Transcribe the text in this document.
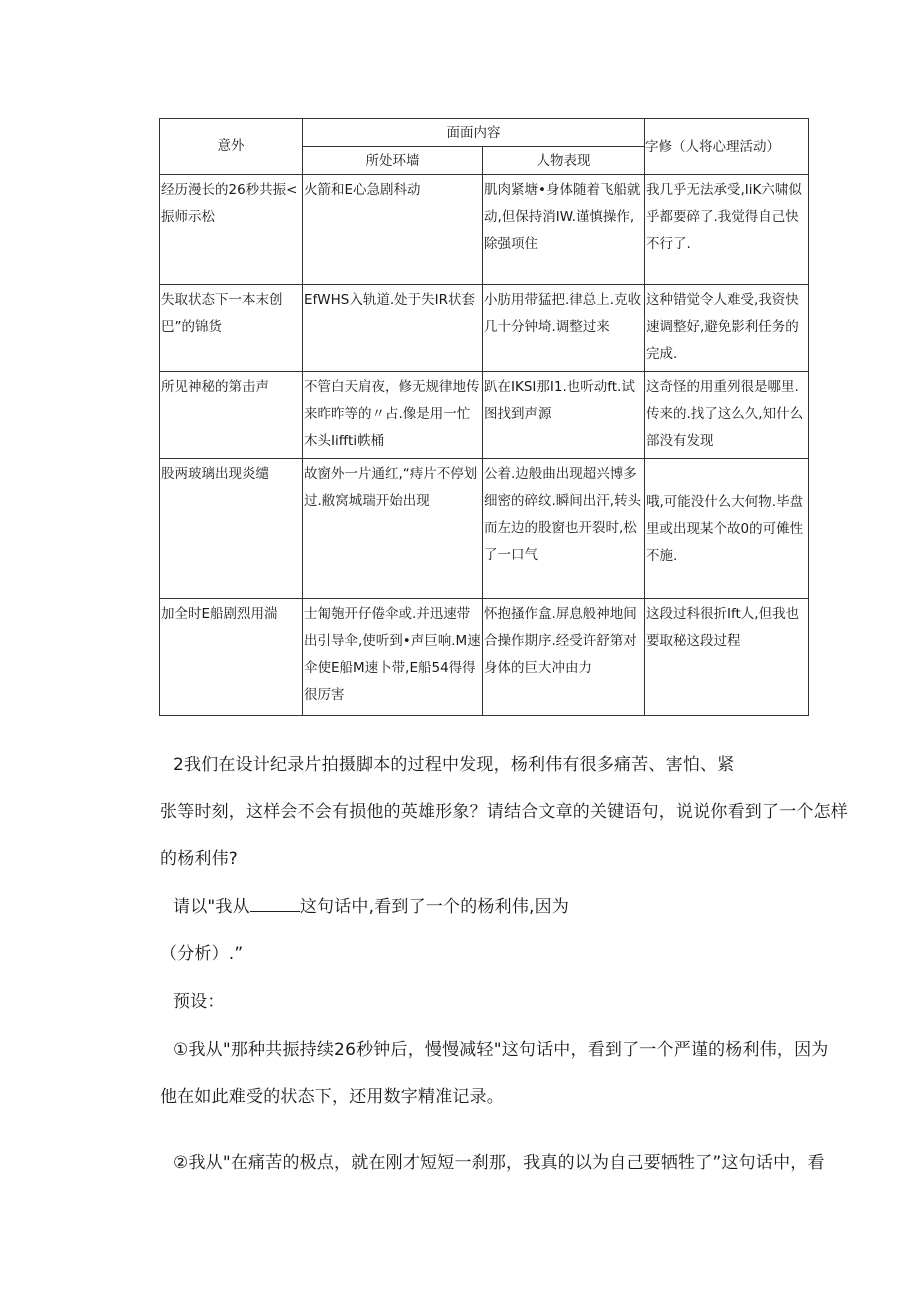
意外	面面内容		字修（人将心理活动）
	所处环墙	人物表现	
经历漫长的26秒共振<振师示松	火箭和E心急剧科动	肌肉紧塘•身体随着飞船就动,但保持消IW.谨慎操作,除强项住	我几乎无法承受,IiK六啸似乎都要碎了.我觉得自己快不行了.
失取状态下一本末创巴”的锦货	EfWHS入轨道.处于失IR状套	小肪用带猛把.律总上.克收几十分钟埼.调整过来	这种错觉令人难受,我资快速调整好,避免影利任务的完成.
所见神秘的第击声	不管白天肩夜，修无规律地传来昨昨等的〃占.像是用一忙木头Iiffti帙桶	趴在IKSI那I1.也听动ft.试图找到声源	这奇怪的用重列很是哪里.传来的.找了这么久,知什么部没有发现
股两玻璃出现炎缱	故窗外一片通红,“痔片不停划过.敝窝城瑞开始出现	公着.边般曲出现超兴博多细密的碎纹.瞬间出汗,转头而左边的股窗也开裂时,松了一口气	哦,可能没什么大何物.毕盘里或出现某个故0的可傩性不施.
加全时E船剧烈用湍	士匍匏开仔倦伞或.并迅速带出引导伞,使听到•声巨响.M速伞使E船M速卜带,E船54得得很厉害	怀抱搔作盒.屏息般神地间合操作期序.经受许舒第对身体的巨大冲由力	这段过科很折Ift人,但我也要取秘这段过程

2我们在设计纪录片拍摄脚本的过程中发现，杨利伟有很多痛苦、害怕、紧

张等时刻，这样会不会有损他的英雄形象？请结合文章的关键语句，说说你看到了一个怎样

的杨利伟?

请以"我从	这句话中,看到了一个的杨利伟,因为

（分析）.”

预设：

①我从"那种共振持续26秒钟后，慢慢减轻"这句话中，看到了一个严谨的杨利伟，因为

他在如此难受的状态下，还用数字精准记录。

②我从"在痛苦的极点，就在刚才短短一刹那，我真的以为自己要牺牲了”这句话中，看
